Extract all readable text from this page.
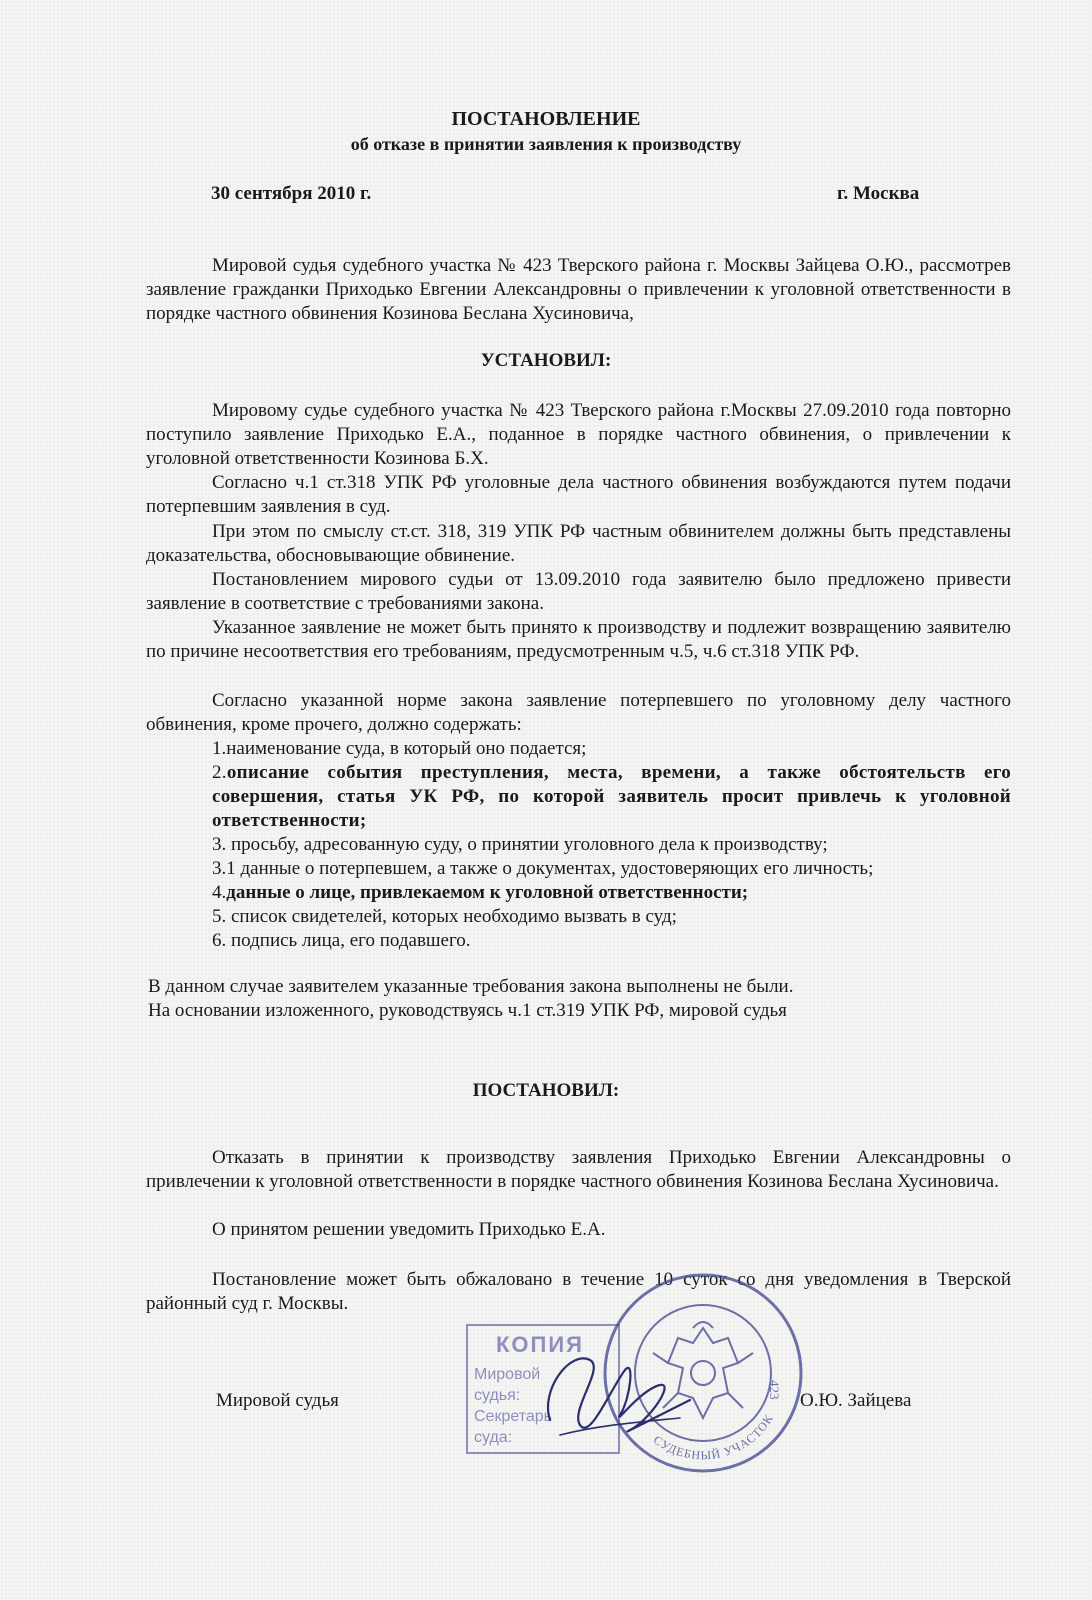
ПОСТАНОВЛЕНИЕ
об отказе в принятии заявления к производству
30 сентября 2010 г.	г. Москва

Мировой судья судебного участка № 423 Тверского района г. Москвы Зайцева О.Ю., рассмотрев заявление гражданки Приходько Евгении Александровны о привлечении к уголовной ответственности в порядке частного обвинения Козинова Беслана Хусиновича,

УСТАНОВИЛ:

Мировому судье судебного участка № 423 Тверского района г.Москвы 27.09.2010 года повторно поступило заявление Приходько Е.А., поданное в порядке частного обвинения, о привлечении к уголовной ответственности Козинова Б.Х.

Согласно ч.1 ст.318 УПК РФ уголовные дела частного обвинения возбуждаются путем подачи потерпевшим заявления в суд.

При этом по смыслу ст.ст. 318, 319 УПК РФ частным обвинителем должны быть представлены доказательства, обосновывающие обвинение.

Постановлением мирового судьи от 13.09.2010 года заявителю было предложено привести заявление в соответствие с требованиями закона.

Указанное заявление не может быть принято к производству и подлежит возвращению заявителю по причине несоответствия его требованиям, предусмотренным ч.5, ч.6 ст.318 УПК РФ.

Согласно указанной норме закона заявление потерпевшего по уголовному делу частного обвинения, кроме прочего, должно содержать:

1.наименование суда, в который оно подается;
2.описание события преступления, места, времени, а также обстоятельств его совершения, статья УК РФ, по которой заявитель просит привлечь к уголовной ответственности;
3. просьбу, адресованную суду, о принятии уголовного дела к производству;
3.1 данные о потерпевшем, а также о документах, удостоверяющих его личность;
4.данные о лице, привлекаемом к уголовной ответственности;
5. список свидетелей, которых необходимо вызвать в суд;
6. подпись лица, его подавшего.
В данном случае заявителем указанные требования закона выполнены не были.
На основании изложенного, руководствуясь ч.1 ст.319 УПК РФ, мировой судья
ПОСТАНОВИЛ:

Отказать в принятии к производству заявления Приходько Евгении Александровны о привлечении к уголовной ответственности в порядке частного обвинения Козинова Беслана Хусиновича.

О принятом решении уведомить Приходько Е.А.

Постановление может быть обжаловано в течение 10 суток со дня уведомления в Тверской районный суд г. Москвы.

Мировой судья	О.Ю. Зайцева
КОПИЯ
Мировой
судья:
Секретарь
суда:
423
СУДЕБНЫЙ УЧАСТОК
